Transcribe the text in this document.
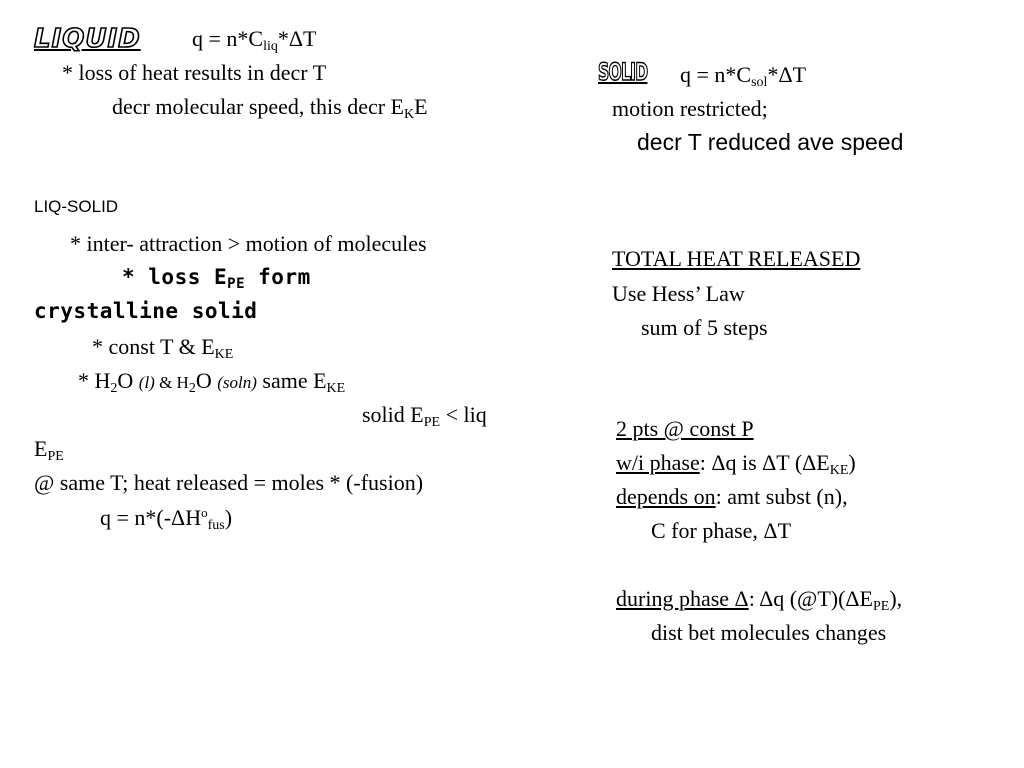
LIQUID $q = n*C_{liq}*\Delta T$
* loss of heat results in decr T
decr molecular speed, this decr $E_KE$
SOLID $q = n*C_{sol}*\Delta T$
motion restricted;
decr T reduced ave speed
LIQ-SOLID
* inter- attraction > motion of molecules
* loss $E_{PE}$ form
crystalline solid
* const T & $E_{KE}$
* $H_2O$ (l) & $H_2O$ (soln) same $E_{KE}$
solid $E_{PE}$ < liq
$E_{PE}$
@ same T; heat released = moles * (-fusion)
$q = n*(-\Delta H^o_{fus})$
TOTAL HEAT RELEASED
Use Hess’ Law
sum of 5 steps
2 pts @ const P
w/i phase: Δq is ΔT $(\Delta E_{KE})$
depends on: amt subst (n),
C for phase, ΔT
during phase Δ: Δq $(@T)(\Delta E_{PE})$,
dist bet molecules changes
